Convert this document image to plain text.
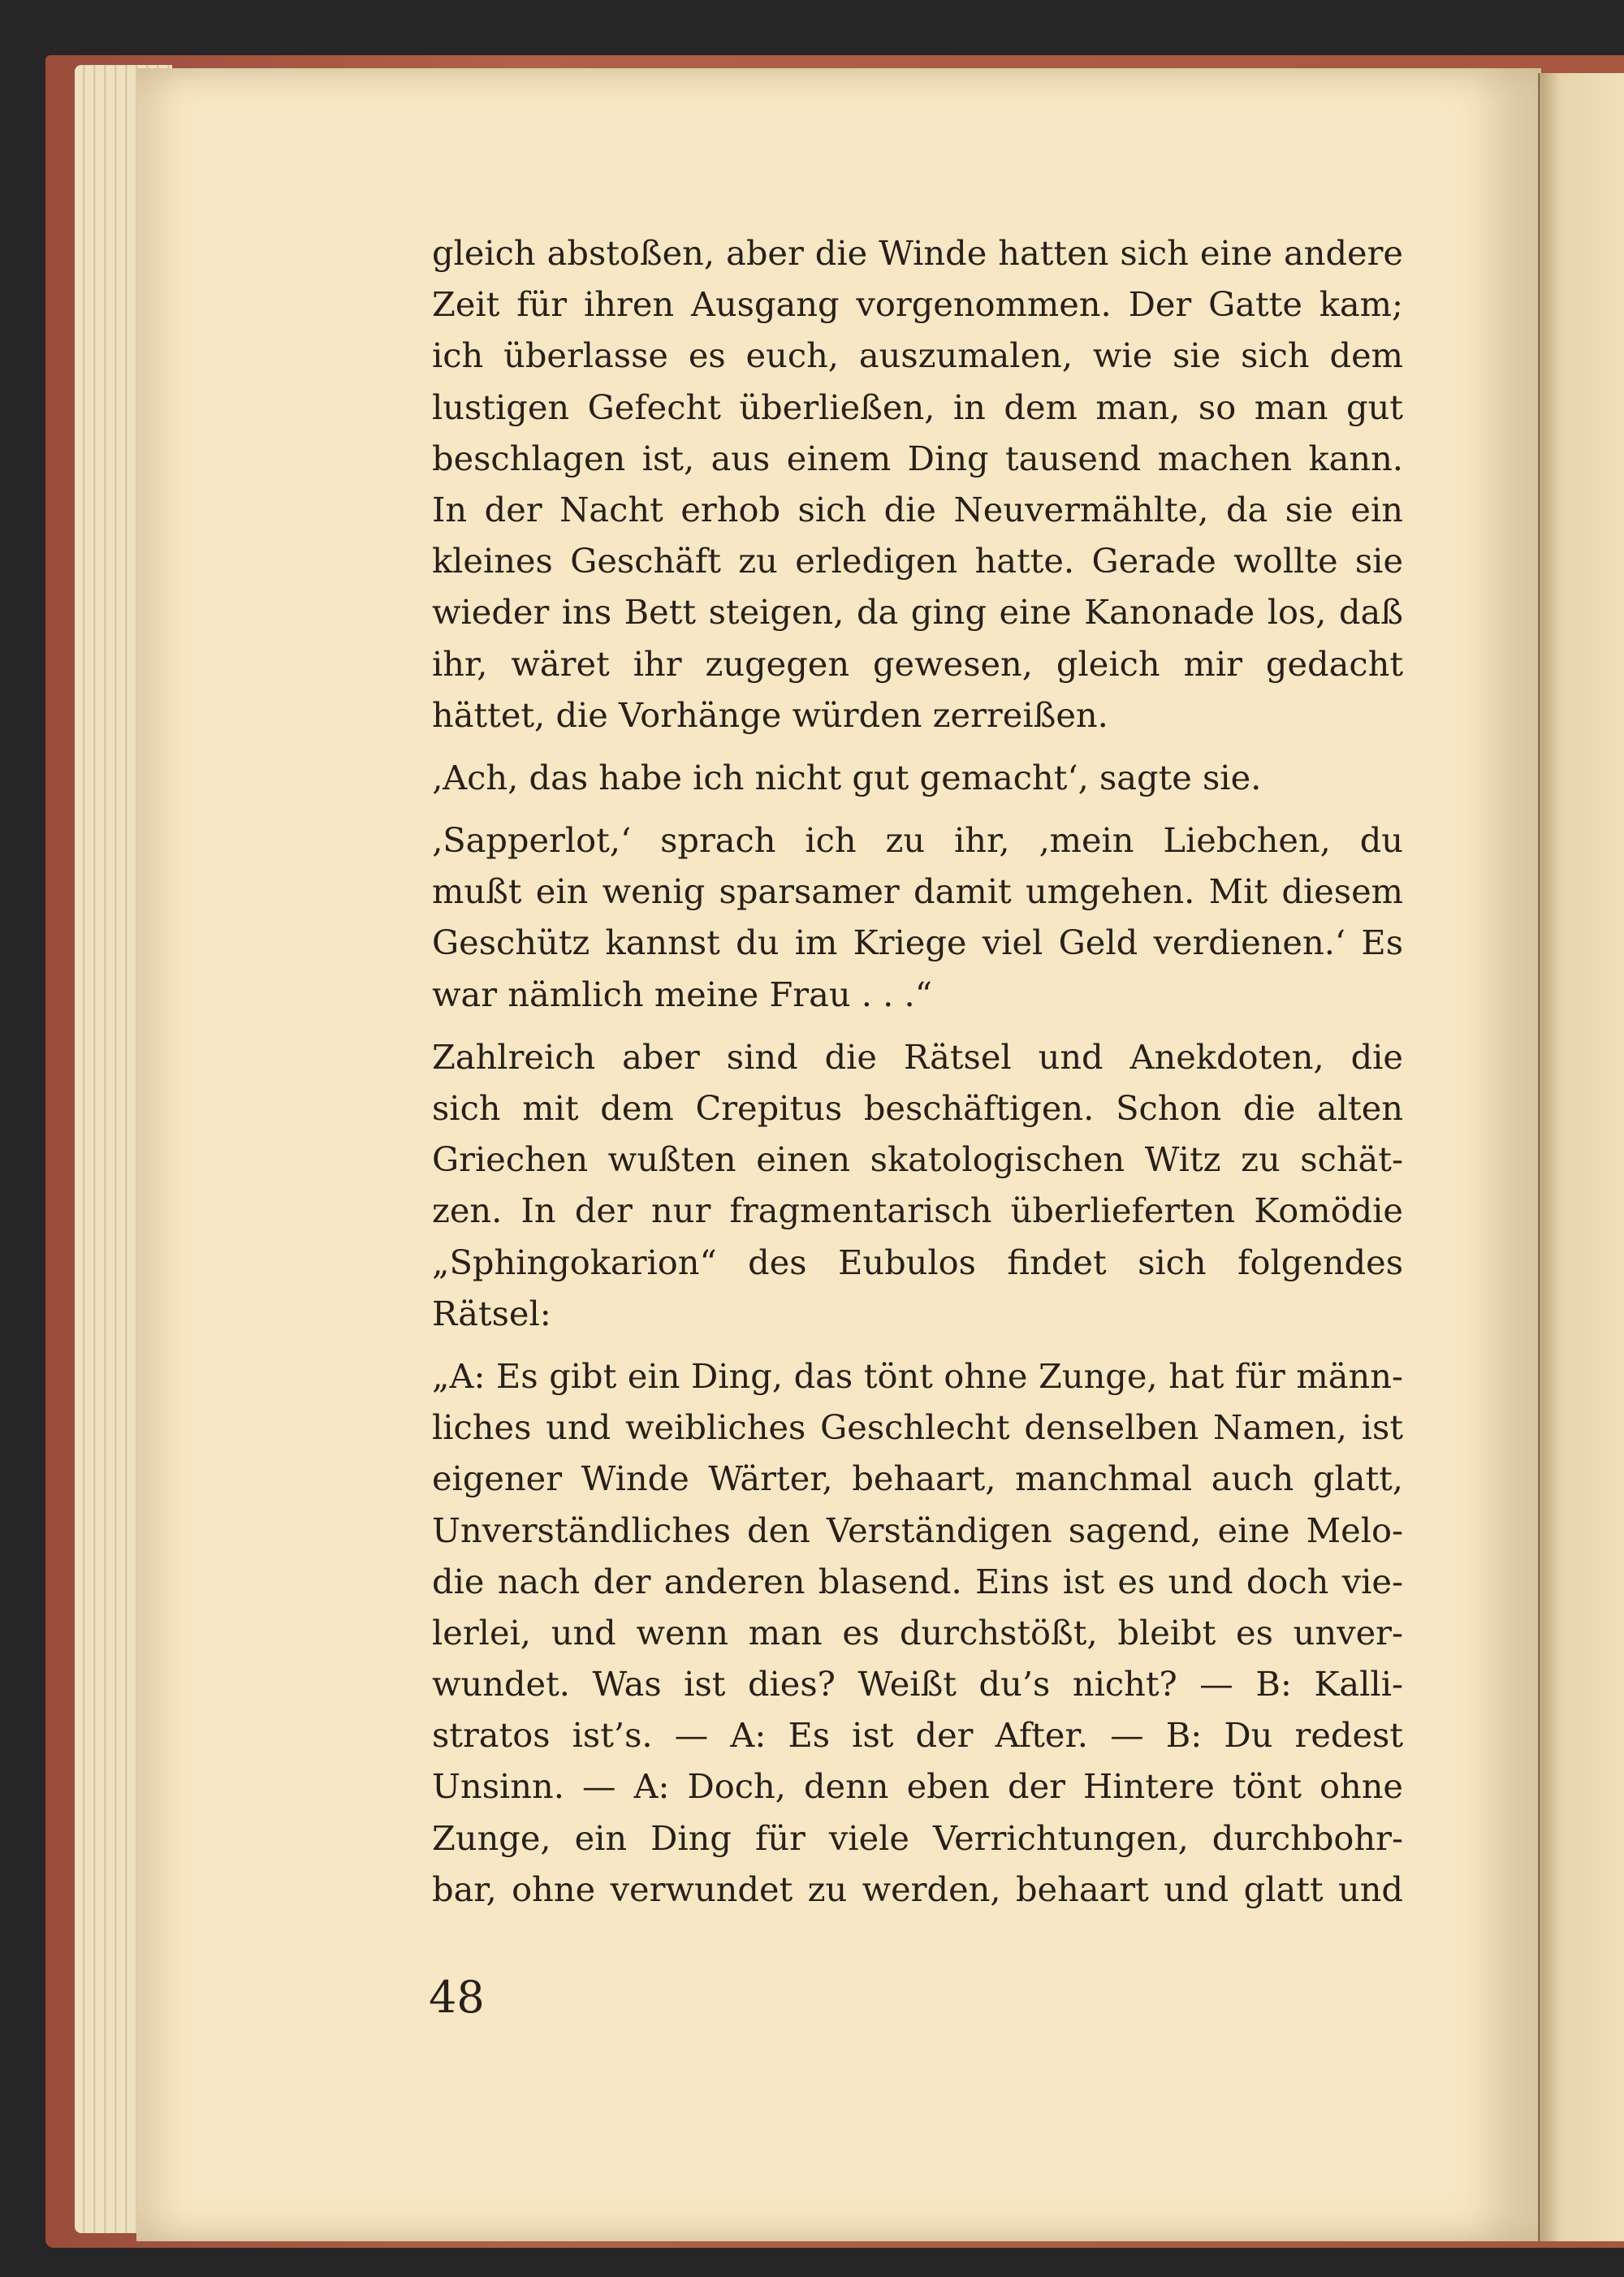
gleich abstoßen, aber die Winde hatten sich eine andere
Zeit für ihren Ausgang vorgenommen. Der Gatte kam;
ich überlasse es euch, auszumalen, wie sie sich dem
lustigen Gefecht überließen, in dem man, so man gut
beschlagen ist, aus einem Ding tausend machen kann.
In der Nacht erhob sich die Neuvermählte, da sie ein
kleines Geschäft zu erledigen hatte. Gerade wollte sie
wieder ins Bett steigen, da ging eine Kanonade los, daß
ihr, wäret ihr zugegen gewesen, gleich mir gedacht
hättet, die Vorhänge würden zerreißen.
‚Ach, das habe ich nicht gut gemacht‘, sagte sie.
‚Sapperlot,‘ sprach ich zu ihr, ‚mein Liebchen, du
mußt ein wenig sparsamer damit umgehen. Mit diesem
Geschütz kannst du im Kriege viel Geld verdienen.‘ Es
war nämlich meine Frau . . .“
Zahlreich aber sind die Rätsel und Anekdoten, die
sich mit dem Crepitus beschäftigen. Schon die alten
Griechen wußten einen skatologischen Witz zu schät-
zen. In der nur fragmentarisch überlieferten Komödie
„Sphingokarion“ des Eubulos findet sich folgendes
Rätsel:
„A: Es gibt ein Ding, das tönt ohne Zunge, hat für männ-
liches und weibliches Geschlecht denselben Namen, ist
eigener Winde Wärter, behaart, manchmal auch glatt,
Unverständliches den Verständigen sagend, eine Melo-
die nach der anderen blasend. Eins ist es und doch vie-
lerlei, und wenn man es durchstößt, bleibt es unver-
wundet. Was ist dies? Weißt du’s nicht? — B: Kalli-
stratos ist’s. — A: Es ist der After. — B: Du redest
Unsinn. — A: Doch, denn eben der Hintere tönt ohne
Zunge, ein Ding für viele Verrichtungen, durchbohr-
bar, ohne verwundet zu werden, behaart und glatt und
48
